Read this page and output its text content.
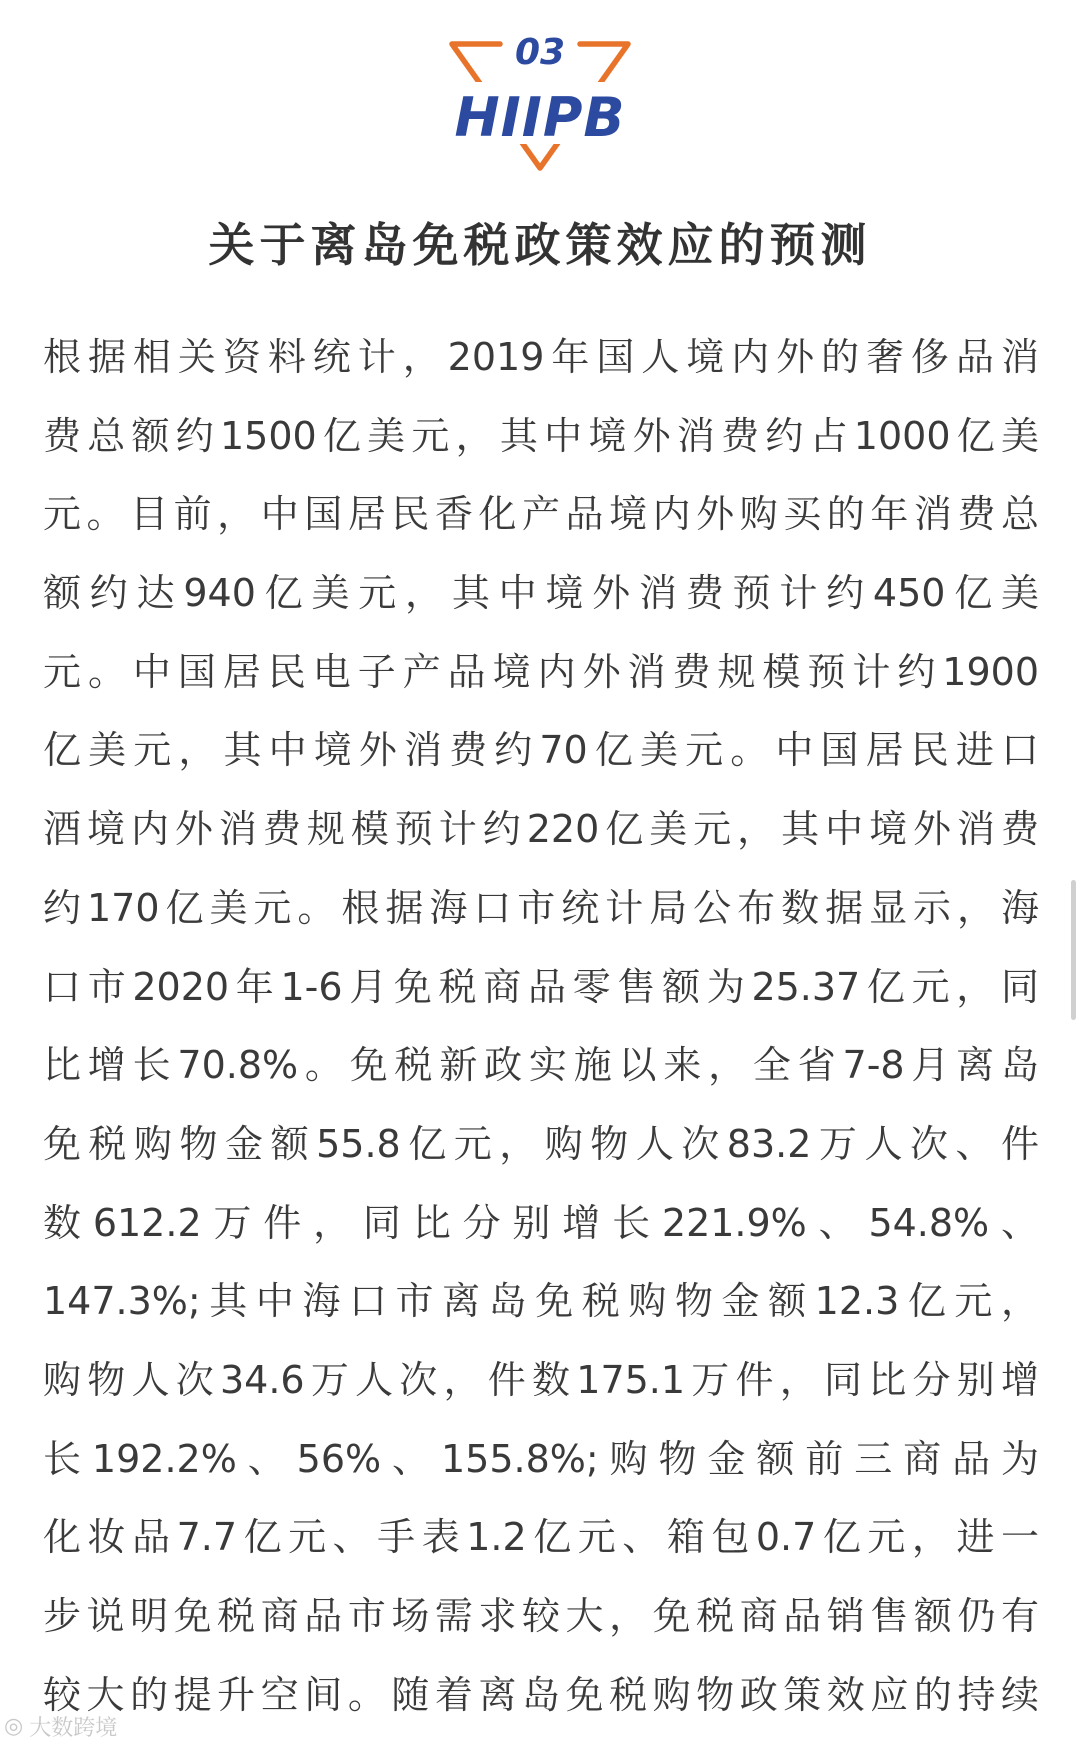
03
HIIPB
关于离岛免税政策效应的预测
根据相关资料统计，2019年国人境内外的奢侈品消
费总额约1500亿美元，其中境外消费约占1000亿美
元。目前，中国居民香化产品境内外购买的年消费总
额约达940亿美元，其中境外消费预计约450亿美
元。中国居民电子产品境内外消费规模预计约1900
亿美元，其中境外消费约70亿美元。中国居民进口
酒境内外消费规模预计约220亿美元，其中境外消费
约170亿美元。根据海口市统计局公布数据显示，海
口市2020年1-6月免税商品零售额为25.37亿元，同
比增长70.8%。免税新政实施以来，全省7-8月离岛
免税购物金额55.8亿元，购物人次83.2万人次、件
数612.2万件，同比分别增长221.9%、54.8%、
147.3%;其中海口市离岛免税购物金额12.3亿元，
购物人次34.6万人次，件数175.1万件，同比分别增
长192.2%、56%、155.8%;购物金额前三商品为
化妆品7.7亿元、手表1.2亿元、箱包0.7亿元，进一
步说明免税商品市场需求较大，免税商品销售额仍有
较大的提升空间。随着离岛免税购物政策效应的持续
◎ 大数跨境
